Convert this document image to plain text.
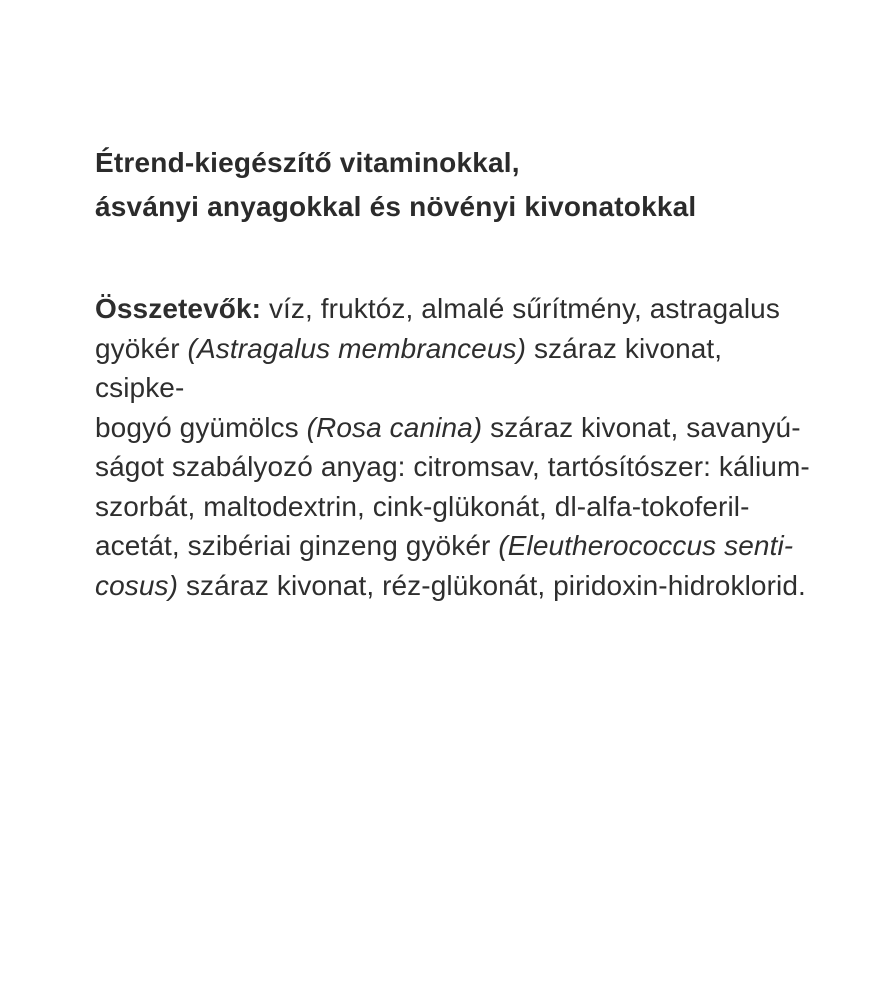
Étrend-kiegészítő vitaminokkal,
ásványi anyagokkal és növényi kivonatokkal
Összetevők: víz, fruktóz, almalé sűrítmény, astragalus
gyökér (Astragalus membranceus) száraz kivonat, csipke-
bogyó gyümölcs (Rosa canina) száraz kivonat, savanyú-
ságot szabályozó anyag: citromsav, tartósítószer: kálium-
szorbát, maltodextrin, cink-glükonát, dl-alfa-tokoferil-
acetát, szibériai ginzeng gyökér (Eleutherococcus senti-
cosus) száraz kivonat, réz-glükonát, piridoxin-hidroklorid.
